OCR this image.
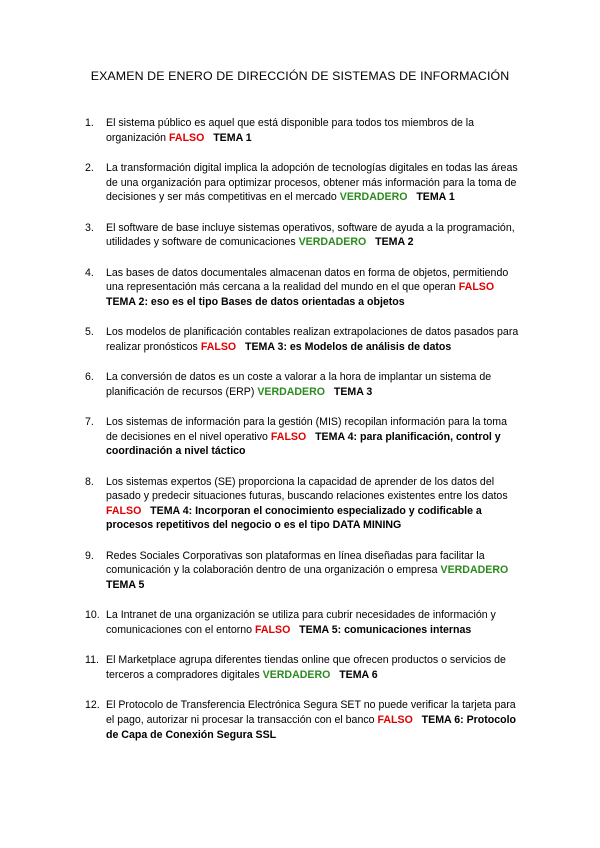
EXAMEN DE ENERO DE DIRECCIÓN DE SISTEMAS DE INFORMACIÓN
1. El sistema público es aquel que está disponible para todos tos miembros de la organización FALSO TEMA 1
2. La transformación digital implica la adopción de tecnologías digitales en todas las áreas de una organización para optimizar procesos, obtener más información para la toma de decisiones y ser más competitivas en el mercado VERDADERO TEMA 1
3. El software de base incluye sistemas operativos, software de ayuda a la programación, utilidades y software de comunicaciones VERDADERO TEMA 2
4. Las bases de datos documentales almacenan datos en forma de objetos, permitiendo una representación más cercana a la realidad del mundo en el que operan FALSO   TEMA 2: eso es el tipo Bases de datos orientadas a objetos
5. Los modelos de planificación contables realizan extrapolaciones de datos pasados para realizar pronósticos FALSO TEMA 3: es Modelos de análisis de datos
6. La conversión de datos es un coste a valorar a la hora de implantar un sistema de planificación de recursos (ERP) VERDADERO TEMA 3
7. Los sistemas de información para la gestión (MIS) recopilan información para la toma de decisiones en el nivel operativo FALSO TEMA 4: para planificación, control y coordinación a nivel táctico
8. Los sistemas expertos (SE) proporciona la capacidad de aprender de los datos del pasado y predecir situaciones futuras, buscando relaciones existentes entre los datos FALSO TEMA 4: Incorporan el conocimiento especializado y codificable a procesos repetitivos del negocio o es el tipo DATA MINING
9. Redes Sociales Corporativas son plataformas en línea diseñadas para facilitar la comunicación y la colaboración dentro de una organización o empresa VERDADERO   TEMA 5
10. La Intranet de una organización se utiliza para cubrir necesidades de información y comunicaciones con el entorno FALSO TEMA 5: comunicaciones internas
11. El Marketplace agrupa diferentes tiendas online que ofrecen productos o servicios de terceros a compradores digitales VERDADERO TEMA 6
12. El Protocolo de Transferencia Electrónica Segura SET no puede verificar la tarjeta para el pago, autorizar ni procesar la transacción con el banco FALSO TEMA 6: Protocolo de Capa de Conexión Segura SSL
